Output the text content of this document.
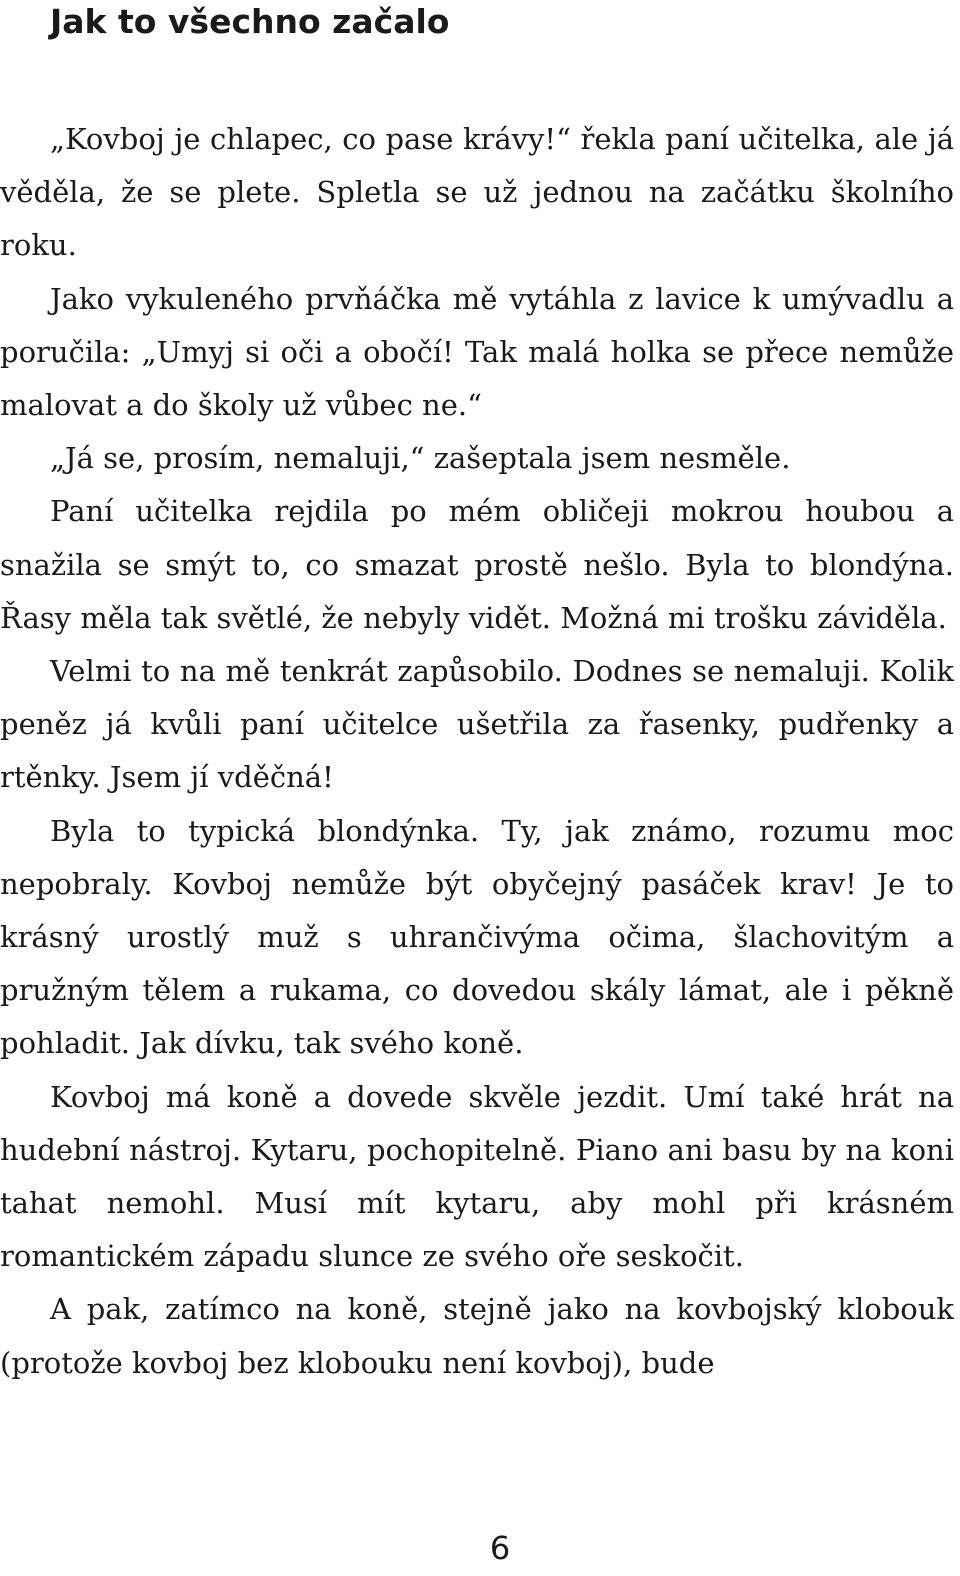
Jak to všechno začalo

„Kovboj je chlapec, co pase krávy!“ řekla paní učitelka, ale já věděla, že se plete. Spletla se už jednou na začátku školního roku.

Jako vykuleného prvňáčka mě vytáhla z lavice k umývadlu a poručila: „Umyj si oči a obočí! Tak malá holka se přece nemůže malovat a do školy už vůbec ne.“

„Já se, prosím, nemaluji,“ zašeptala jsem nesměle.

Paní učitelka rejdila po mém obličeji mokrou houbou a snažila se smýt to, co smazat prostě nešlo. Byla to blondýna. Řasy měla tak světlé, že nebyly vidět. Možná mi trošku záviděla.

Velmi to na mě tenkrát zapůsobilo. Dodnes se nemaluji. Kolik peněz já kvůli paní učitelce ušetřila za řasenky, pudřenky a rtěnky. Jsem jí vděčná!

Byla to typická blondýnka. Ty, jak známo, rozumu moc nepobraly. Kovboj nemůže být obyčejný pasáček krav! Je to krásný urostlý muž s uhrančivýma očima, šlachovitým a pružným tělem a rukama, co dovedou skály lámat, ale i pěkně pohladit. Jak dívku, tak svého koně.

Kovboj má koně a dovede skvěle jezdit. Umí také hrát na hudební nástroj. Kytaru, pochopitelně. Piano ani basu by na koni tahat nemohl. Musí mít kytaru, aby mohl při krásném romantickém západu slunce ze svého oře seskočit.

A pak, zatímco na koně, stejně jako na kovbojský klobouk (protože kovboj bez klobouku není kovboj), bude

6
